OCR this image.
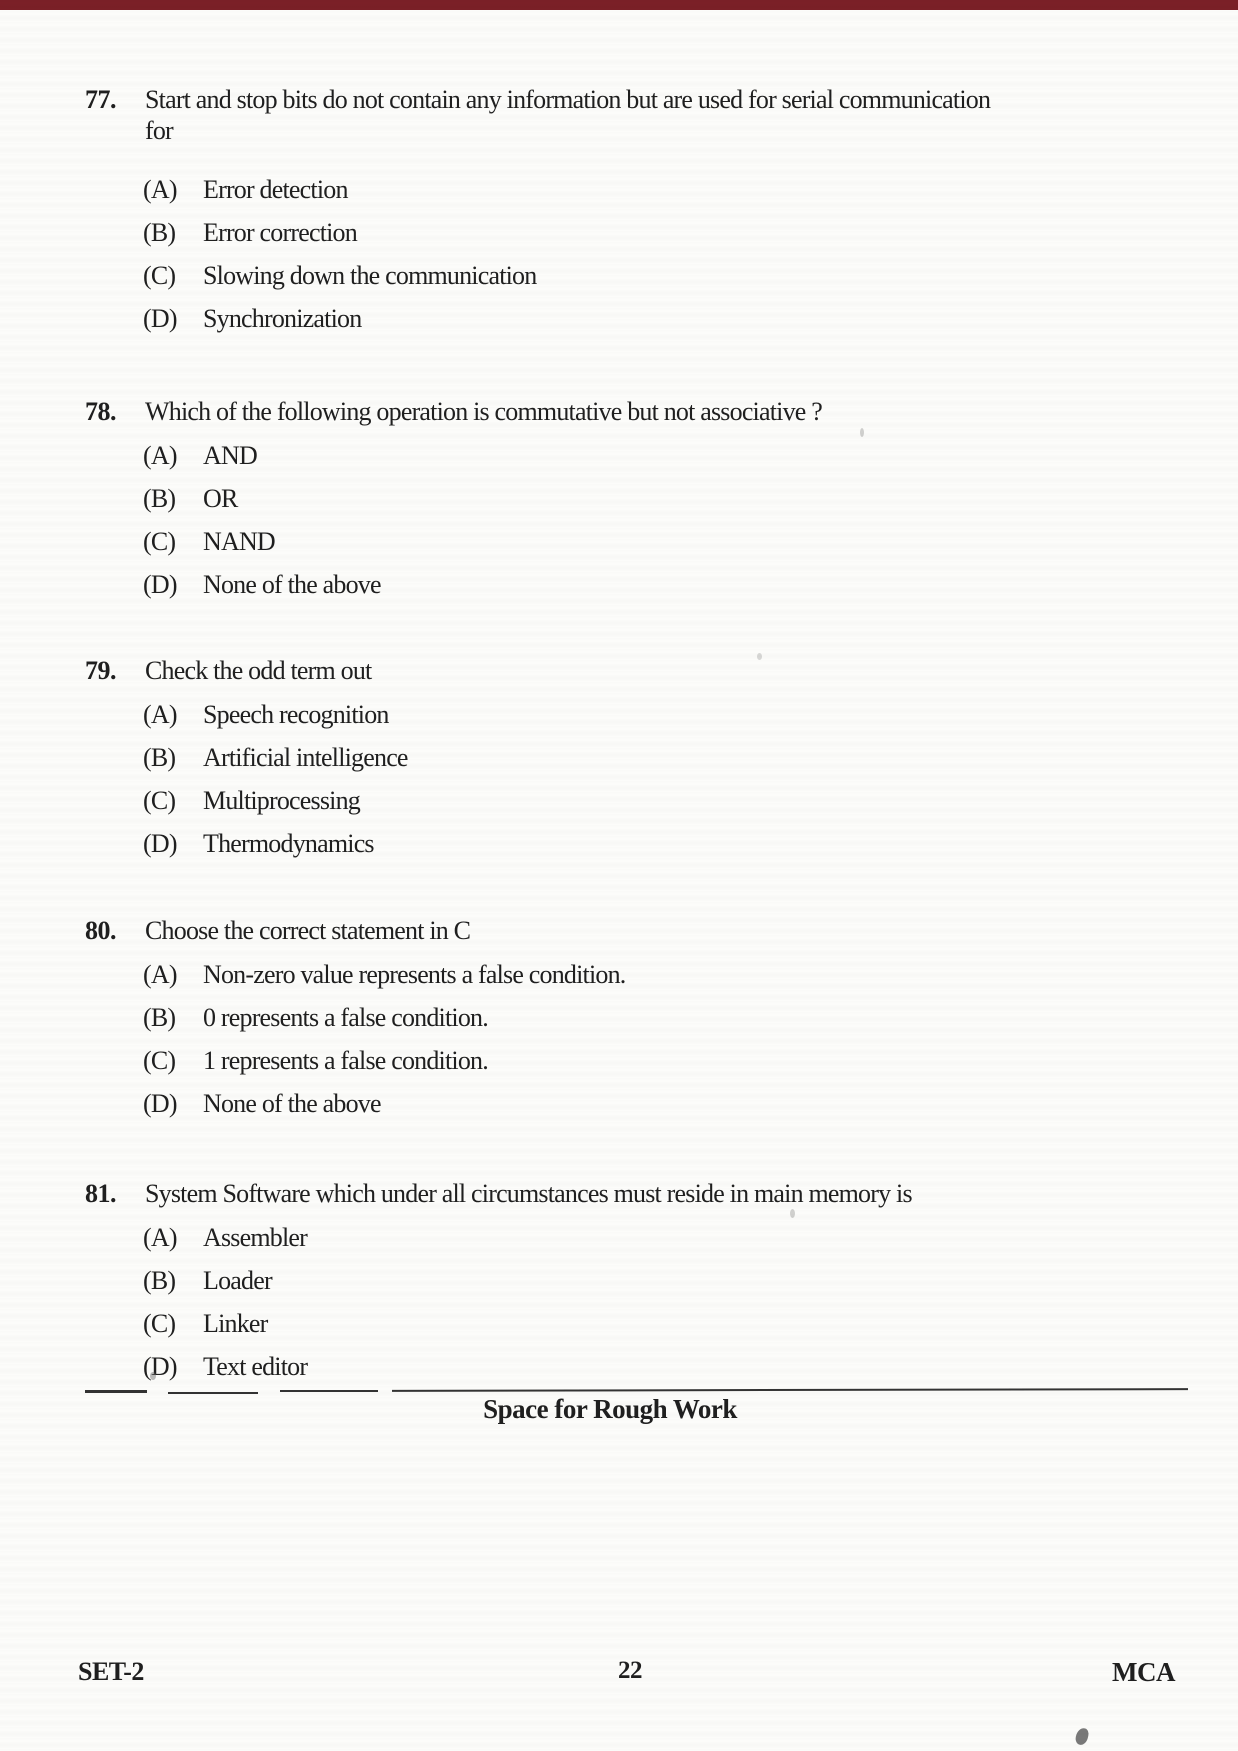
77.	Start and stop bits do not contain any information but are used for serial communication
for
(A)	Error detection
(B)	Error correction
(C)	Slowing down the communication
(D)	Synchronization
78.	Which of the following operation is commutative but not associative ?
(A)	AND
(B)	OR
(C)	NAND
(D)	None of the above
79.	Check the odd term out
(A)	Speech recognition
(B)	Artificial intelligence
(C)	Multiprocessing
(D)	Thermodynamics
80.	Choose the correct statement in C
(A)	Non-zero value represents a false condition.
(B)	0 represents a false condition.
(C)	1 represents a false condition.
(D)	None of the above
81.	System Software which under all circumstances must reside in main memory is
(A)	Assembler
(B)	Loader
(C)	Linker
(D)	Text editor
Space for Rough Work
SET-2	22	MCA
